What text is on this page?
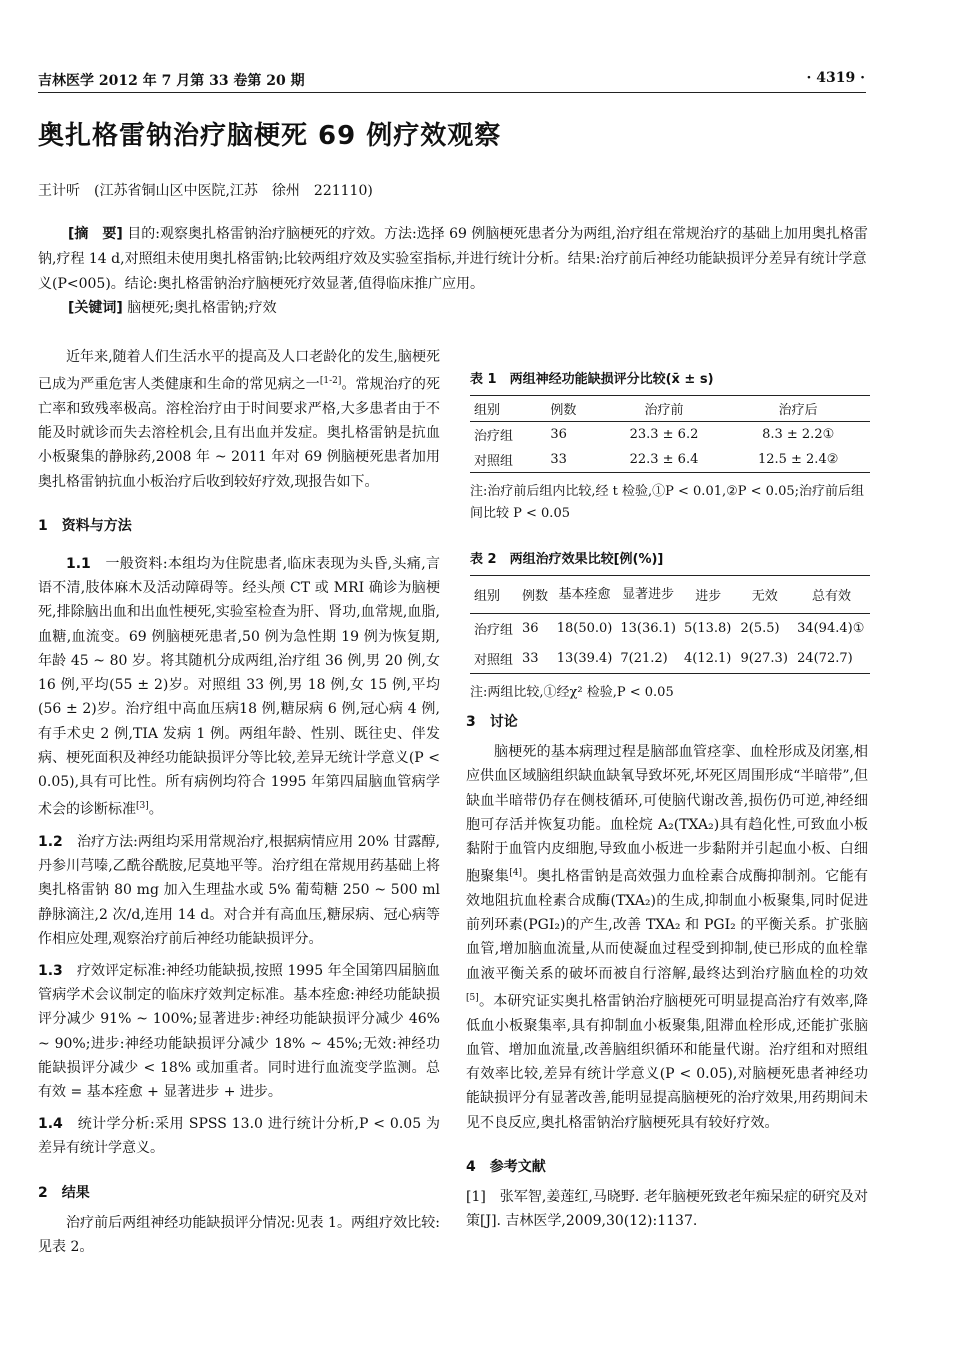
吉林医学 2012 年 7 月第 33 卷第 20 期	· 4319 ·
奥扎格雷钠治疗脑梗死 69 例疗效观察
王计听　(江苏省铜山区中医院,江苏　徐州　221110)
[摘　要] 目的:观察奥扎格雷钠治疗脑梗死的疗效。方法:选择 69 例脑梗死患者分为两组,治疗组在常规治疗的基础上加用奥扎格雷钠,疗程 14 d,对照组未使用奥扎格雷钠;比较两组疗效及实验室指标,并进行统计分析。结果:治疗前后神经功能缺损评分差异有统计学意义(P<005)。结论:奥扎格雷钠治疗脑梗死疗效显著,值得临床推广应用。
[关键词] 脑梗死;奥扎格雷钠;疗效

近年来,随着人们生活水平的提高及人口老龄化的发生,脑梗死已成为严重危害人类健康和生命的常见病之一[1-2]。常规治疗的死亡率和致残率极高。溶栓治疗由于时间要求严格,大多患者由于不能及时就诊而失去溶栓机会,且有出血并发症。奥扎格雷钠是抗血小板聚集的静脉药,2008 年 ~ 2011 年对 69 例脑梗死患者加用奥扎格雷钠抗血小板治疗后收到较好疗效,现报告如下。

1　资料与方法

1.1　 一般资料:本组均为住院患者,临床表现为头昏,头痛,言语不清,肢体麻木及活动障碍等。经头颅 CT 或 MRI 确诊为脑梗死,排除脑出血和出血性梗死,实验室检查为肝、肾功,血常规,血脂,血糖,血流变。69 例脑梗死患者,50 例为急性期 19 例为恢复期,年龄 45 ~ 80 岁。将其随机分成两组,治疗组 36 例,男 20 例,女 16 例,平均(55 ± 2)岁。对照组 33 例,男 18 例,女 15 例,平均(56 ± 2)岁。治疗组中高血压病18 例,糖尿病 6 例,冠心病 4 例,有手术史 2 例,TIA 发病 1 例。两组年龄、性别、既往史、伴发病、梗死面积及神经功能缺损评分等比较,差异无统计学意义(P < 0.05),具有可比性。所有病例均符合 1995 年第四届脑血管病学术会的诊断标准[3]。

1.2　 治疗方法:两组均采用常规治疗,根据病情应用 20% 甘露醇,丹参川芎嗪,乙酰谷酰胺,尼莫地平等。治疗组在常规用药基础上将奥扎格雷钠 80 mg 加入生理盐水或 5% 葡萄糖 250 ~ 500 ml 静脉滴注,2 次/d,连用 14 d。对合并有高血压,糖尿病、冠心病等作相应处理,观察治疗前后神经功能缺损评分。

1.3　 疗效评定标准:神经功能缺损,按照 1995 年全国第四届脑血管病学术会议制定的临床疗效判定标准。基本痊愈:神经功能缺损评分减少 91% ~ 100%;显著进步:神经功能缺损评分减少 46% ~ 90%;进步:神经功能缺损评分减少 18% ~ 45%;无效:神经功能缺损评分减少 < 18% 或加重者。同时进行血流变学监测。总有效 = 基本痊愈 + 显著进步 + 进步。

1.4　 统计学分析:采用 SPSS 13.0 进行统计分析,P < 0.05 为差异有统计学意义。

2　结果

治疗前后两组神经功能缺损评分情况:见表 1。两组疗效比较:见表 2。

表 1　两组神经功能缺损评分比较(x̄ ± s)
组别	例数	治疗前	治疗后
治疗组	36	23.3 ± 6.2	8.3 ± 2.2①
对照组	33	22.3 ± 6.4	12.5 ± 2.4②
注:治疗前后组内比较,经 t 检验,①P < 0.01,②P < 0.05;治疗前后组间比较 P < 0.05
表 2　两组治疗效果比较[例(%)]
组别	例数	基本痊愈	显著进步	进步	无效	总有效
治疗组	36	18(50.0)	13(36.1)	5(13.8)	2(5.5)	34(94.4)①
对照组	33	13(39.4)	7(21.2)	4(12.1)	9(27.3)	24(72.7)
注:两组比较,①经χ² 检验,P < 0.05

3　讨论

脑梗死的基本病理过程是脑部血管痉挛、血栓形成及闭塞,相应供血区域脑组织缺血缺氧导致坏死,坏死区周围形成“半暗带”,但缺血半暗带仍存在侧枝循环,可使脑代谢改善,损伤仍可逆,神经细胞可存活并恢复功能。血栓烷 A₂(TXA₂)具有趋化性,可致血小板黏附于血管内皮细胞,导致血小板进一步黏附并引起血小板、白细胞聚集[4]。奥扎格雷钠是高效强力血栓素合成酶抑制剂。它能有效地阻抗血栓素合成酶(TXA₂)的生成,抑制血小板聚集,同时促进前列环素(PGI₂)的产生,改善 TXA₂ 和 PGI₂ 的平衡关系。扩张脑血管,增加脑血流量,从而使凝血过程受到抑制,使已形成的血栓靠血液平衡关系的破坏而被自行溶解,最终达到治疗脑血栓的功效[5]。本研究证实奥扎格雷钠治疗脑梗死可明显提高治疗有效率,降低血小板聚集率,具有抑制血小板聚集,阻滞血栓形成,还能扩张脑血管、增加血流量,改善脑组织循环和能量代谢。治疗组和对照组有效率比较,差异有统计学意义(P < 0.05),对脑梗死患者神经功能缺损评分有显著改善,能明显提高脑梗死的治疗效果,用药期间未见不良反应,奥扎格雷钠治疗脑梗死具有较好疗效。

4　参考文献

[1]　张军智,姜莲红,马晓野. 老年脑梗死致老年痴呆症的研究及对策[J]. 吉林医学,2009,30(12):1137.
